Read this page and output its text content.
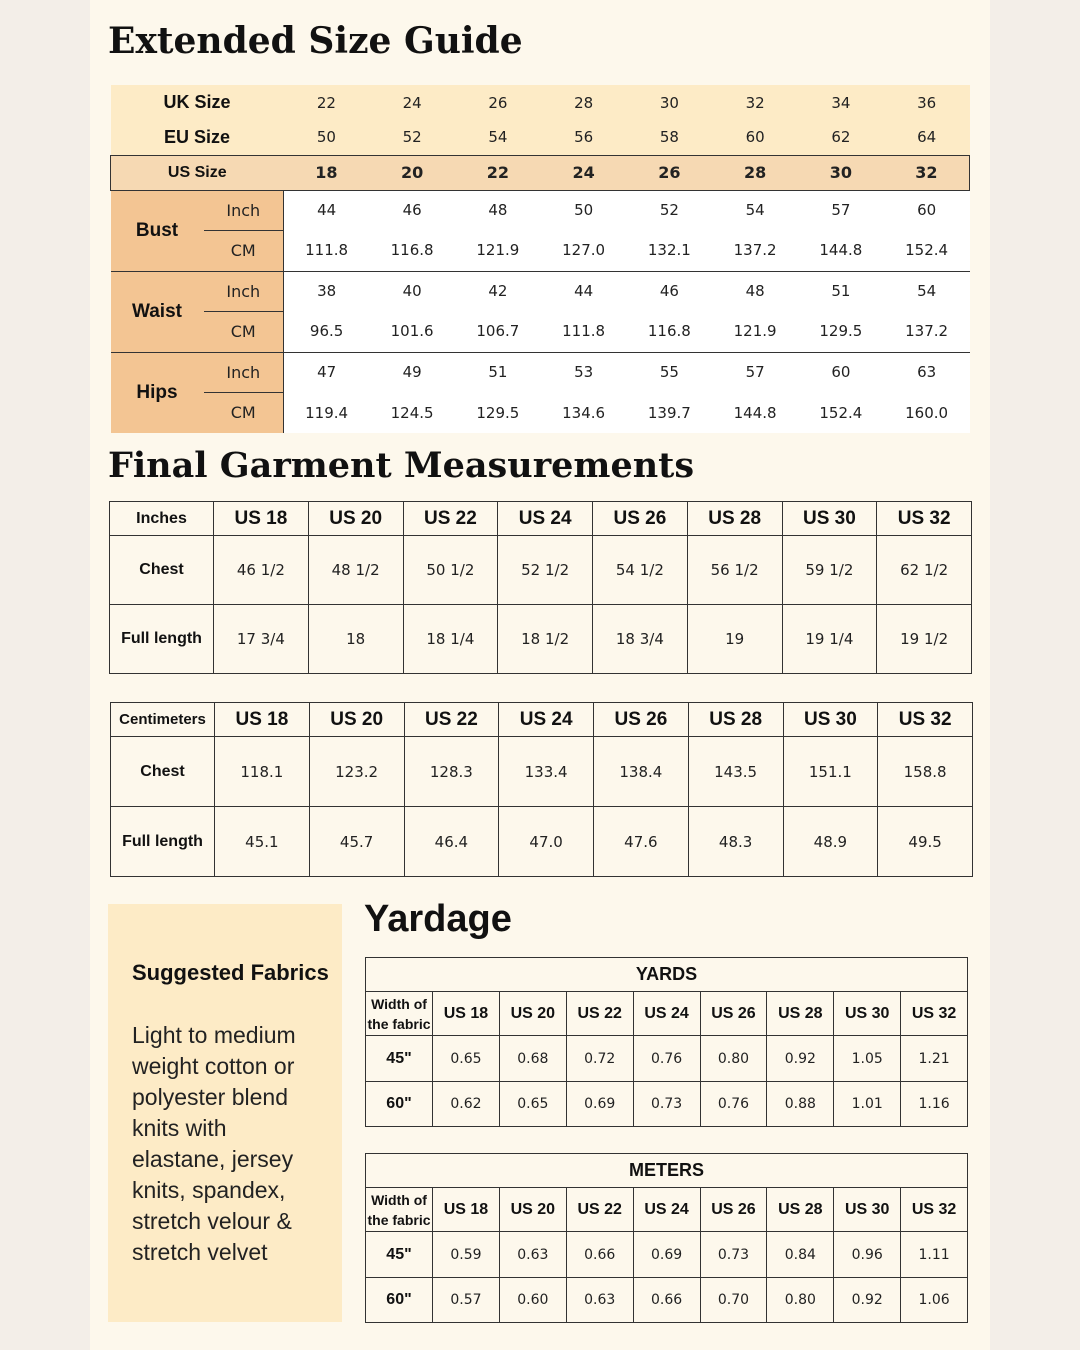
Extended Size Guide
UK Size		22	24	26	28	30	32	34	36
EU Size		50	52	54	56	58	60	62	64
US Size		18	20	22	24	26	28	30	32
Bust	Inch	44	46	48	50	52	54	57	60
	CM	111.8	116.8	121.9	127.0	132.1	137.2	144.8	152.4
Waist	Inch	38	40	42	44	46	48	51	54
	CM	96.5	101.6	106.7	111.8	116.8	121.9	129.5	137.2
Hips	Inch	47	49	51	53	55	57	60	63
	CM	119.4	124.5	129.5	134.6	139.7	144.8	152.4	160.0
Final Garment Measurements
Inches	US 18	US 20	US 22	US 24	US 26	US 28	US 30	US 32
Chest	46 1/2	48 1/2	50 1/2	52 1/2	54 1/2	56 1/2	59 1/2	62 1/2
Full length	17 3/4	18	18 1/4	18 1/2	18 3/4	19	19 1/4	19 1/2
Centimeters	US 18	US 20	US 22	US 24	US 26	US 28	US 30	US 32
Chest	118.1	123.2	128.3	133.4	138.4	143.5	151.1	158.8
Full length	45.1	45.7	46.4	47.0	47.6	48.3	48.9	49.5
Suggested Fabrics
Light to medium
weight cotton or
polyester blend
knits with
elastane, jersey
knits, spandex,
stretch velour &
stretch velvet
Yardage
YARDS								

Width of
the fabric	US 18	US 20	US 22	US 24	US 26	US 28	US 30	US 32
45"	0.65	0.68	0.72	0.76	0.80	0.92	1.05	1.21
60"	0.62	0.65	0.69	0.73	0.76	0.88	1.01	1.16
METERS								

Width of
the fabric	US 18	US 20	US 22	US 24	US 26	US 28	US 30	US 32
45"	0.59	0.63	0.66	0.69	0.73	0.84	0.96	1.11
60"	0.57	0.60	0.63	0.66	0.70	0.80	0.92	1.06
